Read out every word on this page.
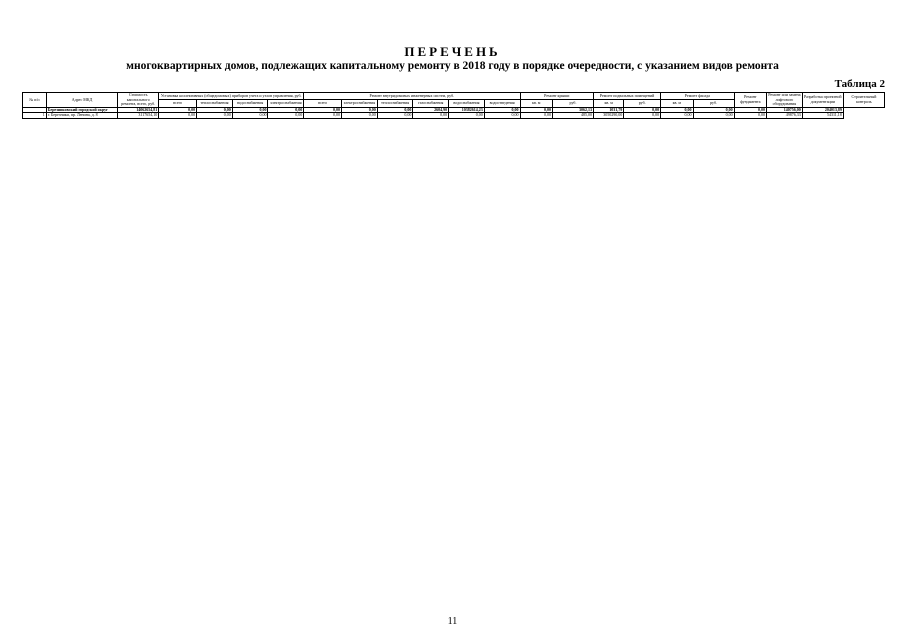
ПЕРЕЧЕНЬ
многоквартирных домов, подлежащих капитальному ремонту в 2018 году в порядке очередности, с указанием видов ремонта
Таблица 2
№ п/п	Адрес МКД	Стоимость капитального ремонта, всего, руб.	Установка коллективных (общедомовых) приборов учета и узлов управления, руб.				Ремонт внутридомовых инженерных систем, руб.						Ремонт крыши		Ремонт подвальных помещений		Ремонт фасада		Ремонт фундамента	Ремонт или замена лифтового оборудования	Разработка проектной документации	Строительный контроль
			всего	теплоснабжения	водоснабжения	электроснабжения	всего	электроснабжения	теплоснабжения	газоснабжения	водоснабжения	водоотведения	кв. м	руб.	кв. м	руб.	кв. м	руб.				
	Березниковский городской округ	14062654,81	0,00	0,00	0,00	0,00	0,00	0,00	0,00	2604,90	10382614,23	0,00	0,00	3062,13	1031,79	0,00	0,00	0,00	0,00	140756,00	204013,89	
1	г. Березники, пр. Ленина, д. 8	3117654,10	0,00	0,00	0,00	0,00	0,00	0,00	0,00	0,00	0,00	0,00	0,00	485,00	3050290,00	0,00	0,00	0,00	0,00	49876,33	54311,18	
11
